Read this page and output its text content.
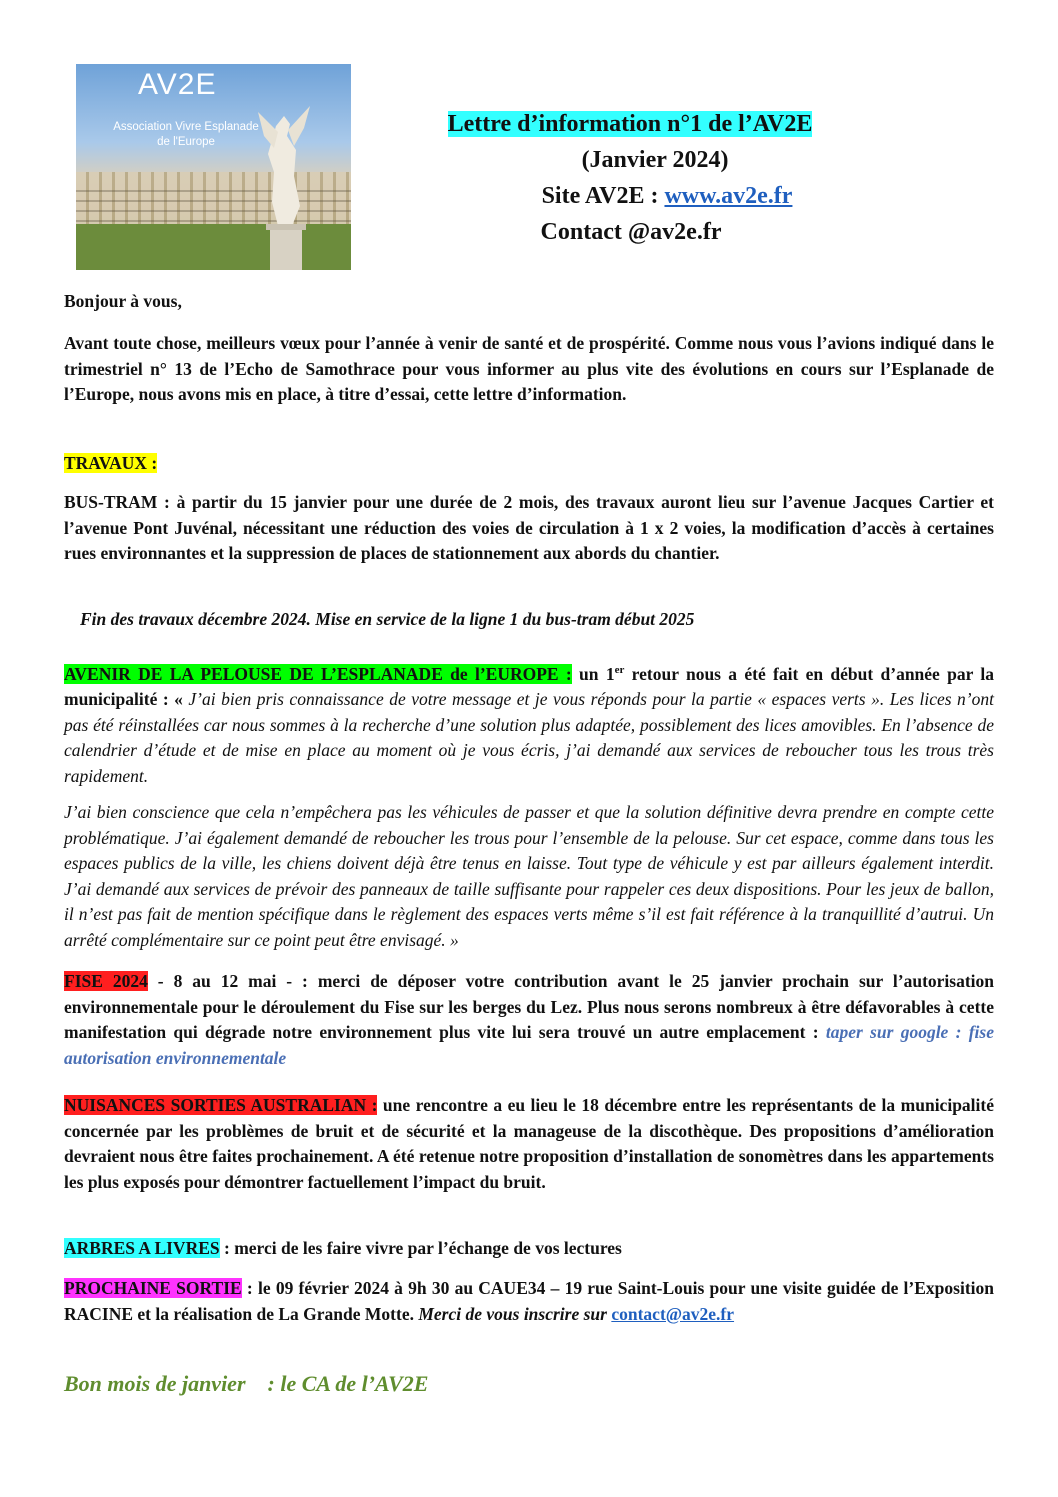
AV2E
Association Vivre Esplanade
de l'Europe
Lettre d’information n°1 de l’AV2E
(Janvier 2024)
Site AV2E : www.av2e.fr
Contact @av2e.fr
Bonjour à vous,
Avant toute chose, meilleurs vœux pour l’année à venir de santé et de prospérité. Comme nous vous l’avions indiqué dans le trimestriel n° 13 de l’Echo de Samothrace pour vous informer au plus vite des évolutions en cours sur l’Esplanade de l’Europe, nous avons mis en place, à titre d’essai, cette lettre d’information.
TRAVAUX :
BUS-TRAM : à partir du 15 janvier pour une durée de 2 mois, des travaux auront lieu sur l’avenue Jacques Cartier et l’avenue Pont Juvénal, nécessitant une réduction des voies de circulation à 1 x 2 voies, la modification d’accès à certaines rues environnantes et la suppression de places de stationnement aux abords du chantier.
Fin des travaux décembre 2024. Mise en service de la ligne 1 du bus-tram début 2025
AVENIR DE LA PELOUSE DE L’ESPLANADE de l’EUROPE : un 1er retour nous a été fait en début d’année par la municipalité : « J’ai bien pris connaissance de votre message et je vous réponds pour la partie « espaces verts ». Les lices n’ont pas été réinstallées car nous sommes à la recherche d’une solution plus adaptée, possiblement des lices amovibles. En l’absence de calendrier d’étude et de mise en place au moment où je vous écris, j’ai demandé aux services de reboucher tous les trous très rapidement.
J’ai bien conscience que cela n’empêchera pas les véhicules de passer et que la solution définitive devra prendre en compte cette problématique. J’ai également demandé de reboucher les trous pour l’ensemble de la pelouse. Sur cet espace, comme dans tous les espaces publics de la ville, les chiens doivent déjà être tenus en laisse. Tout type de véhicule y est par ailleurs également interdit. J’ai demandé aux services de prévoir des panneaux de taille suffisante pour rappeler ces deux dispositions. Pour les jeux de ballon, il n’est pas fait de mention spécifique dans le règlement des espaces verts même s’il est fait référence à la tranquillité d’autrui. Un arrêté complémentaire sur ce point peut être envisagé. »
FISE 2024 - 8 au 12 mai - : merci de déposer votre contribution avant le 25 janvier prochain sur l’autorisation environnementale pour le déroulement du Fise sur les berges du Lez. Plus nous serons nombreux à être défavorables à cette manifestation qui dégrade notre environnement plus vite lui sera trouvé un autre emplacement : taper sur google : fise autorisation environnementale
NUISANCES SORTIES AUSTRALIAN : une rencontre a eu lieu le 18 décembre entre les représentants de la municipalité concernée par les problèmes de bruit et de sécurité et la manageuse de la discothèque. Des propositions d’amélioration devraient nous être faites prochainement. A été retenue notre proposition d’installation de sonomètres dans les appartements les plus exposés pour démontrer factuellement l’impact du bruit.
ARBRES A LIVRES : merci de les faire vivre par l’échange de vos lectures
PROCHAINE SORTIE : le 09 février 2024 à 9h 30 au CAUE34 – 19 rue Saint-Louis pour une visite guidée de l’Exposition RACINE et la réalisation de La Grande Motte. Merci de vous inscrire sur contact@av2e.fr
Bon mois de janvier    : le CA de l’AV2E
